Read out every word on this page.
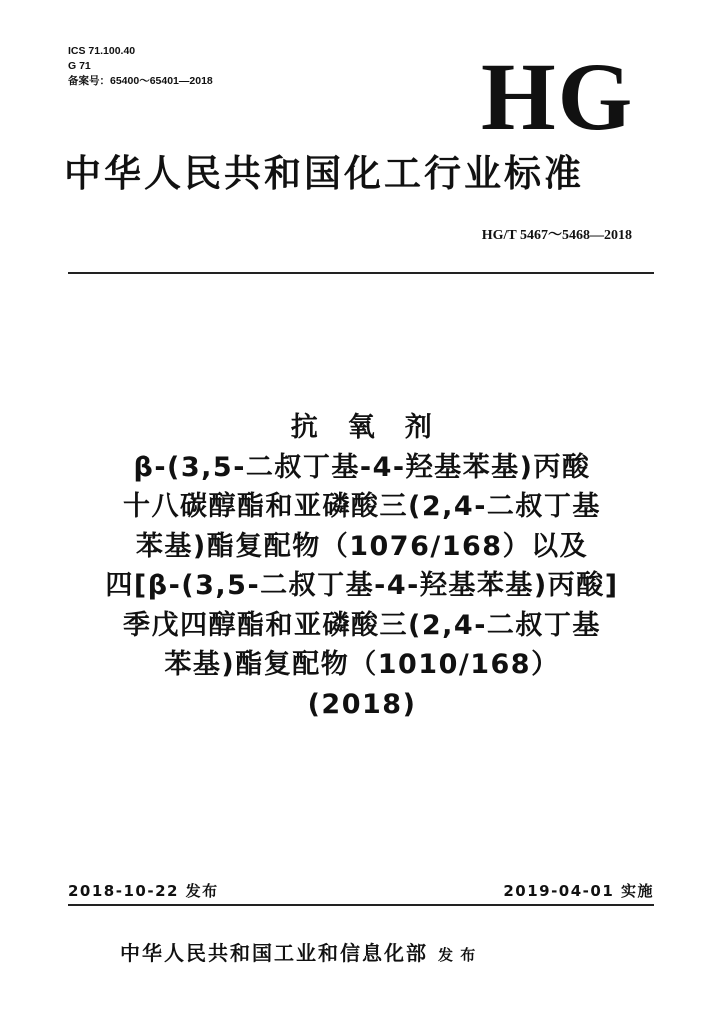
ICS 71.100.40
G 71
备案号：65400～65401—2018	HG
中华人民共和国化工行业标准
HG/T 5467～5468—2018
抗　氧　剂
β-(3,5-二叔丁基-4-羟基苯基)丙酸
十八碳醇酯和亚磷酸三(2,4-二叔丁基
苯基)酯复配物（1076/168）以及
四[β-(3,5-二叔丁基-4-羟基苯基)丙酸]
季戊四醇酯和亚磷酸三(2,4-二叔丁基
苯基)酯复配物（1010/168）
(2018)
2018-10-22 发布	2019-04-01 实施
中华人民共和国工业和信息化部 发 布
